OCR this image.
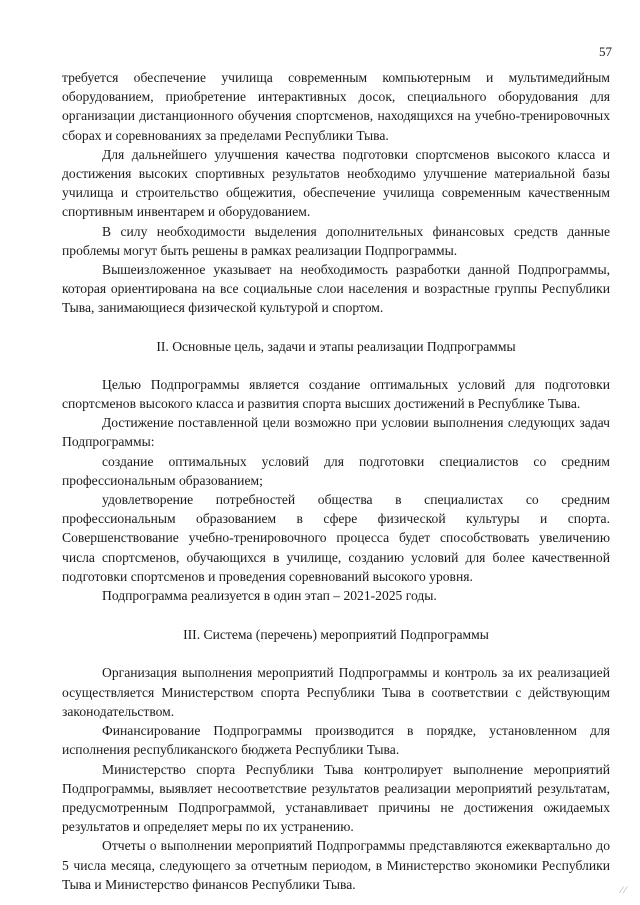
57

требуется обеспечение училища современным компьютерным и мультимедийным оборудованием, приобретение интерактивных досок, специального оборудования для организации дистанционного обучения спортсменов, находящихся на учебно-тренировочных сборах и соревнованиях за пределами Республики Тыва.

Для дальнейшего улучшения качества подготовки спортсменов высокого класса и достижения высоких спортивных результатов необходимо улучшение материальной базы училища и строительство общежития, обеспечение училища современным качественным спортивным инвентарем и оборудованием.

В силу необходимости выделения дополнительных финансовых средств данные проблемы могут быть решены в рамках реализации Подпрограммы.

Вышеизложенное указывает на необходимость разработки данной Подпрограммы, которая ориентирована на все социальные слои населения и возрастные группы Республики Тыва, занимающиеся физической культурой и спортом.

II. Основные цель, задачи и этапы реализации Подпрограммы

Целью Подпрограммы является создание оптимальных условий для подготовки спортсменов высокого класса и развития спорта высших достижений в Республике Тыва.

Достижение поставленной цели возможно при условии выполнения следующих задач Подпрограммы:

создание оптимальных условий для подготовки специалистов со средним профессиональным образованием;

удовлетворение потребностей общества в специалистах со средним профессиональным образованием в сфере физической культуры и спорта. Совершенствование учебно-тренировочного процесса будет способствовать увеличению числа спортсменов, обучающихся в училище, созданию условий для более качественной подготовки спортсменов и проведения соревнований высокого уровня.

Подпрограмма реализуется в один этап – 2021-2025 годы.

III. Система (перечень) мероприятий Подпрограммы

Организация выполнения мероприятий Подпрограммы и контроль за их реализацией осуществляется Министерством спорта Республики Тыва в соответствии с действующим законодательством.

Финансирование Подпрограммы производится в порядке, установленном для исполнения республиканского бюджета Республики Тыва.

Министерство спорта Республики Тыва контролирует выполнение мероприятий Подпрограммы, выявляет несоответствие результатов реализации мероприятий результатам, предусмотренным Подпрограммой, устанавливает причины не достижения ожидаемых результатов и определяет меры по их устранению.

Отчеты о выполнении мероприятий Подпрограммы представляются ежеквартально до 5 числа месяца, следующего за отчетным периодом, в Министерство экономики Республики Тыва и Министерство финансов Республики Тыва.	⁄ ⁄
